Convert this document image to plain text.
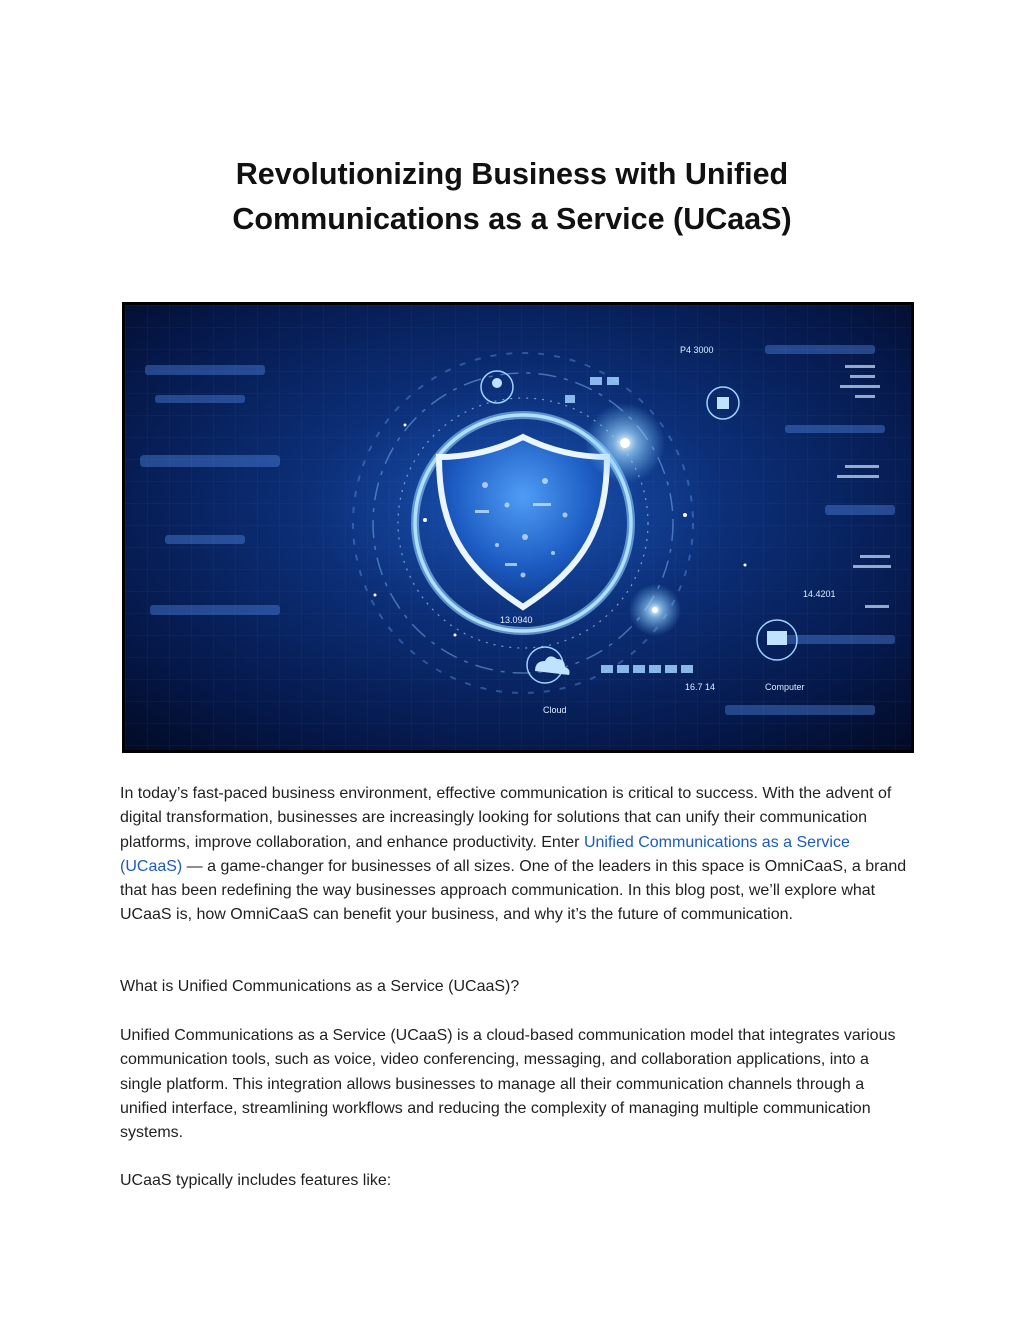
Revolutionizing Business with Unified
Communications as a Service (UCaaS)
P4 3000
13.0940
14.4201
Cloud
Computer
16.7 14

In today’s fast-paced business environment, effective communication is critical to success. With the advent of digital transformation, businesses are increasingly looking for solutions that can unify their communication platforms, improve collaboration, and enhance productivity. Enter Unified Communications as a Service (UCaaS) — a game-changer for businesses of all sizes. One of the leaders in this space is OmniCaaS, a brand that has been redefining the way businesses approach communication. In this blog post, we’ll explore what UCaaS is, how OmniCaaS can benefit your business, and why it’s the future of communication.

What is Unified Communications as a Service (UCaaS)?

Unified Communications as a Service (UCaaS) is a cloud-based communication model that integrates various communication tools, such as voice, video conferencing, messaging, and collaboration applications, into a single platform. This integration allows businesses to manage all their communication channels through a unified interface, streamlining workflows and reducing the complexity of managing multiple communication systems.

UCaaS typically includes features like:
